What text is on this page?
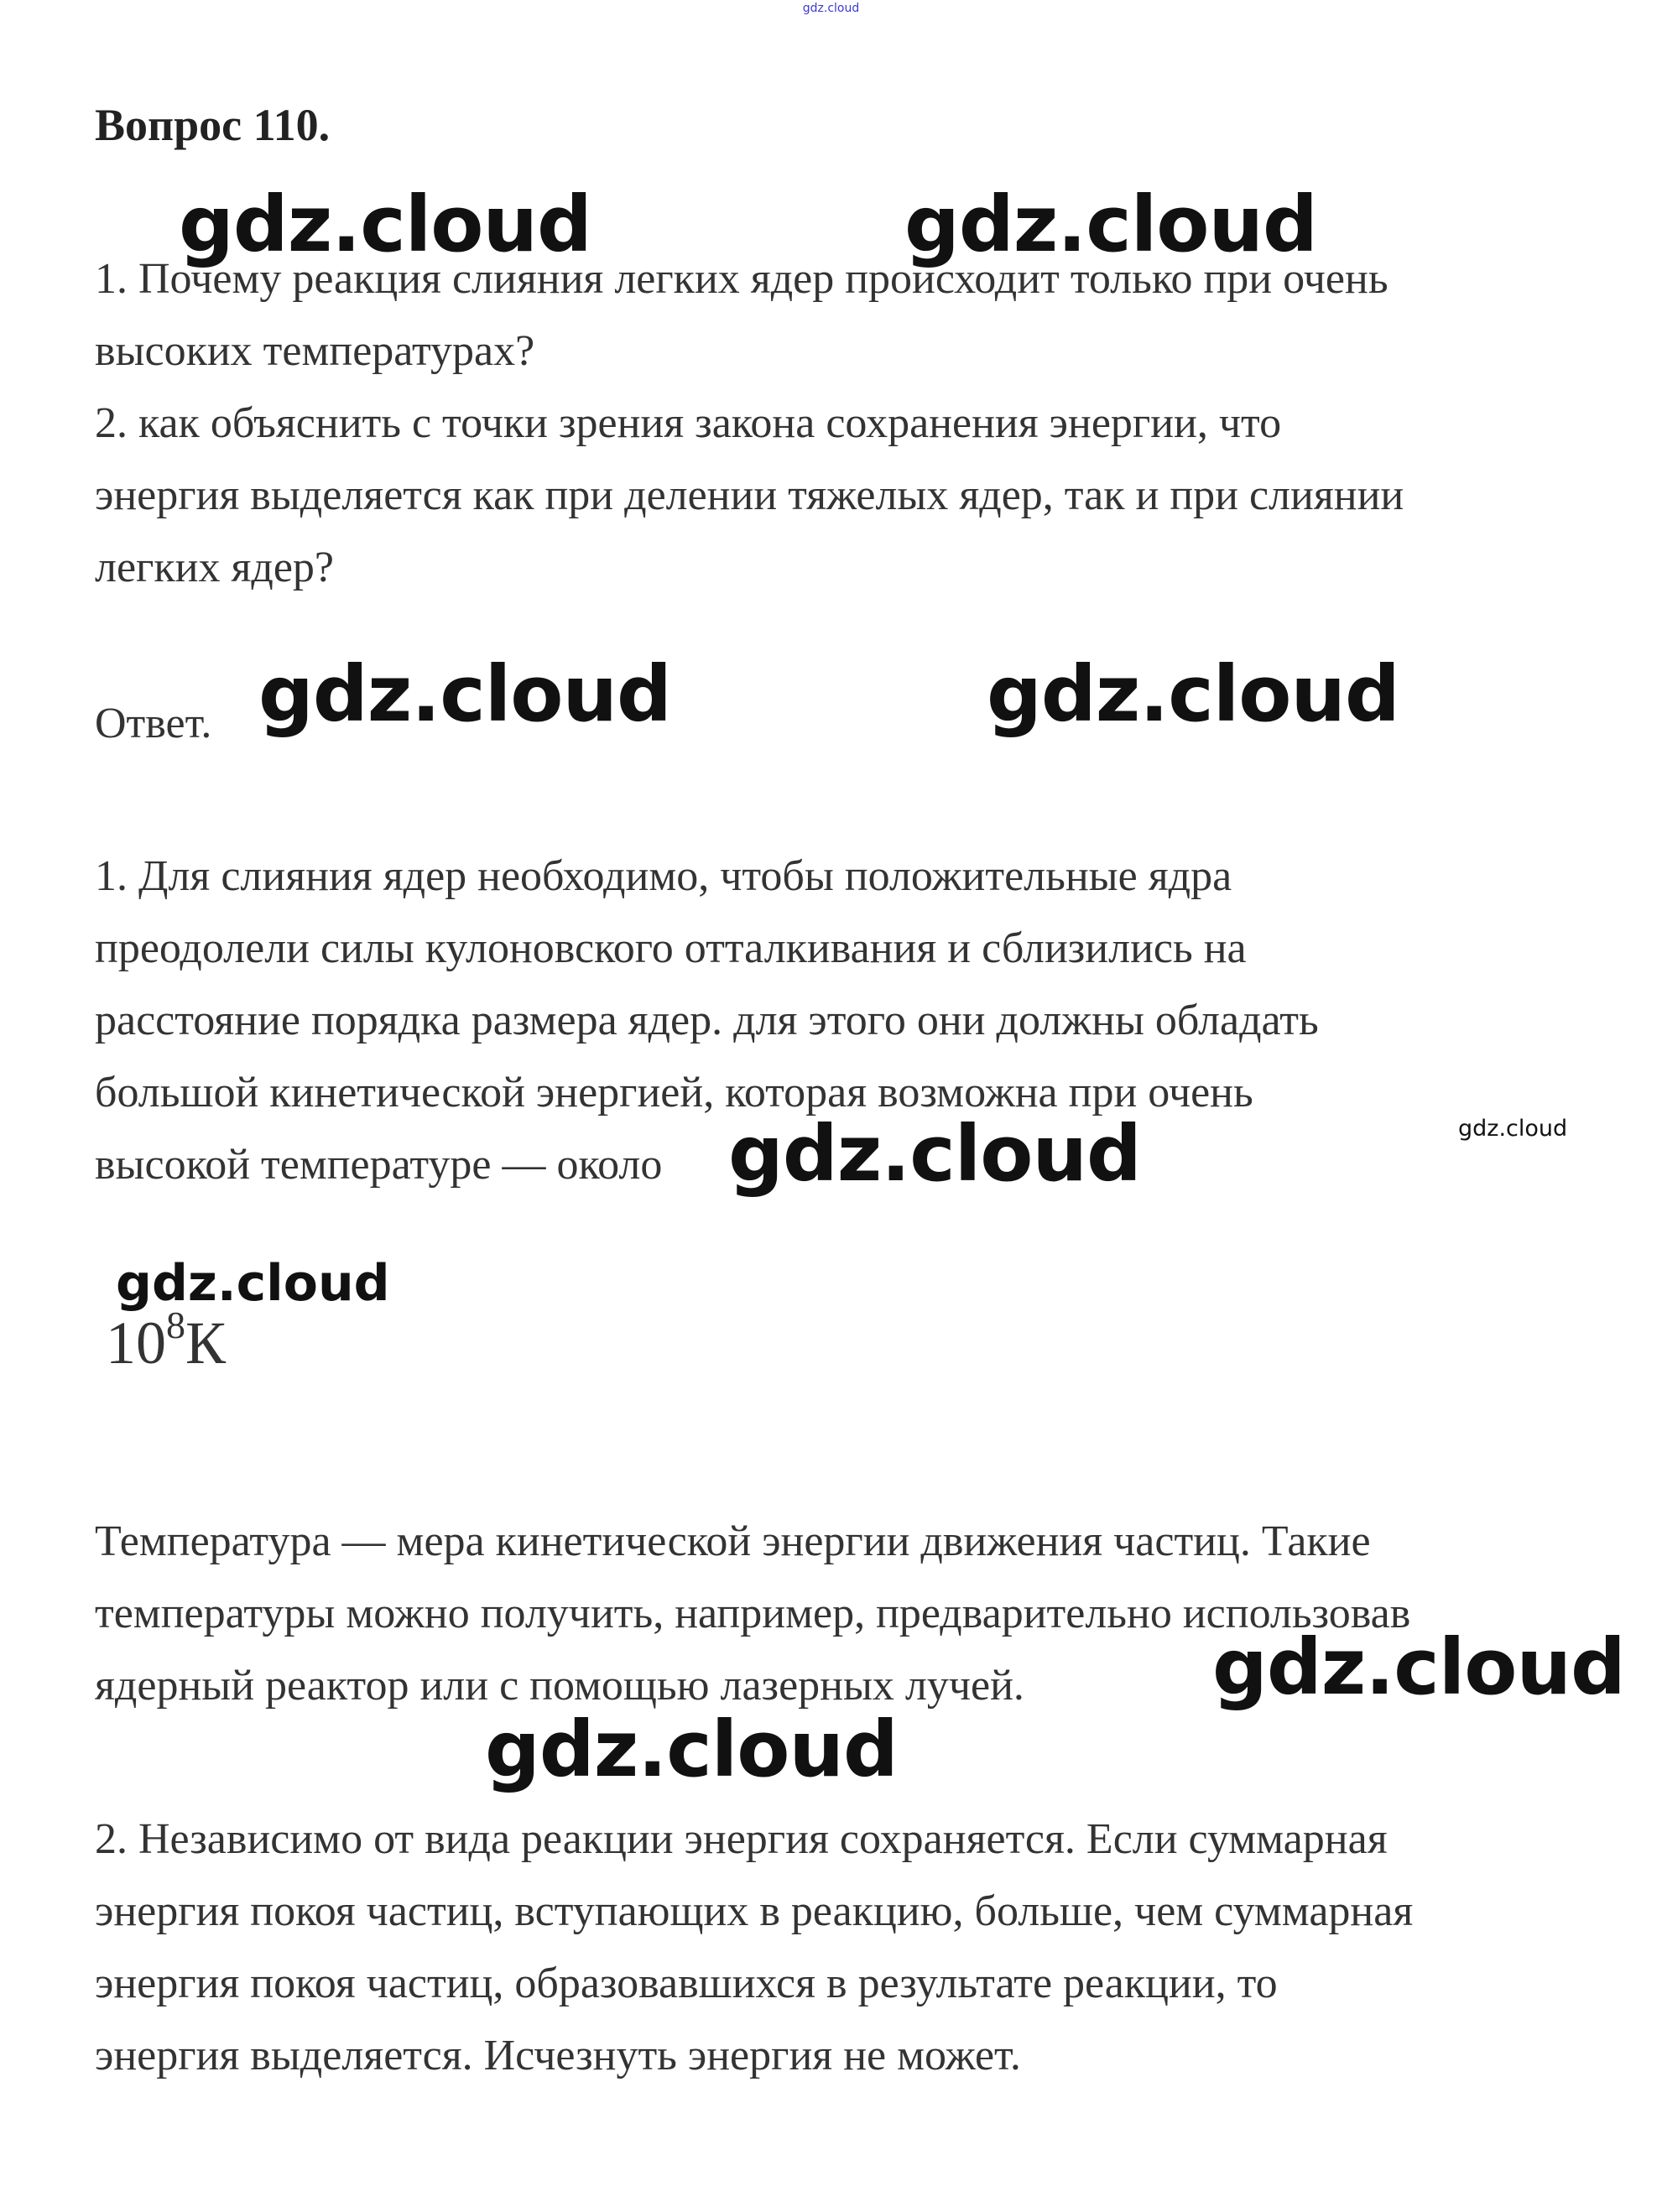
gdz.cloud
Вопрос 110.
1. Почему реакция слияния легких ядер происходит только при очень
высоких температурах?
2. как объяснить с точки зрения закона сохранения энергии, что
энергия выделяется как при делении тяжелых ядер, так и при слиянии
легких ядер?
Ответ.
1. Для слияния ядер необходимо, чтобы положительные ядра
преодолели силы кулоновского отталкивания и сблизились на
расстояние порядка размера ядер. для этого они должны обладать
большой кинетической энергией, которая возможна при очень
высокой температуре — около
$10^8К$
Температура — мера кинетической энергии движения частиц. Такие
температуры можно получить, например, предварительно использовав
ядерный реактор или с помощью лазерных лучей.
2. Независимо от вида реакции энергия сохраняется. Если суммарная
энергия покоя частиц, вступающих в реакцию, больше, чем суммарная
энергия покоя частиц, образовавшихся в результате реакции, то
энергия выделяется. Исчезнуть энергия не может.
gdz.cloud	gdz.cloud
gdz.cloud	gdz.cloud
gdz.cloud	gdz.cloud
gdz.cloud
gdz.cloud
gdz.cloud
